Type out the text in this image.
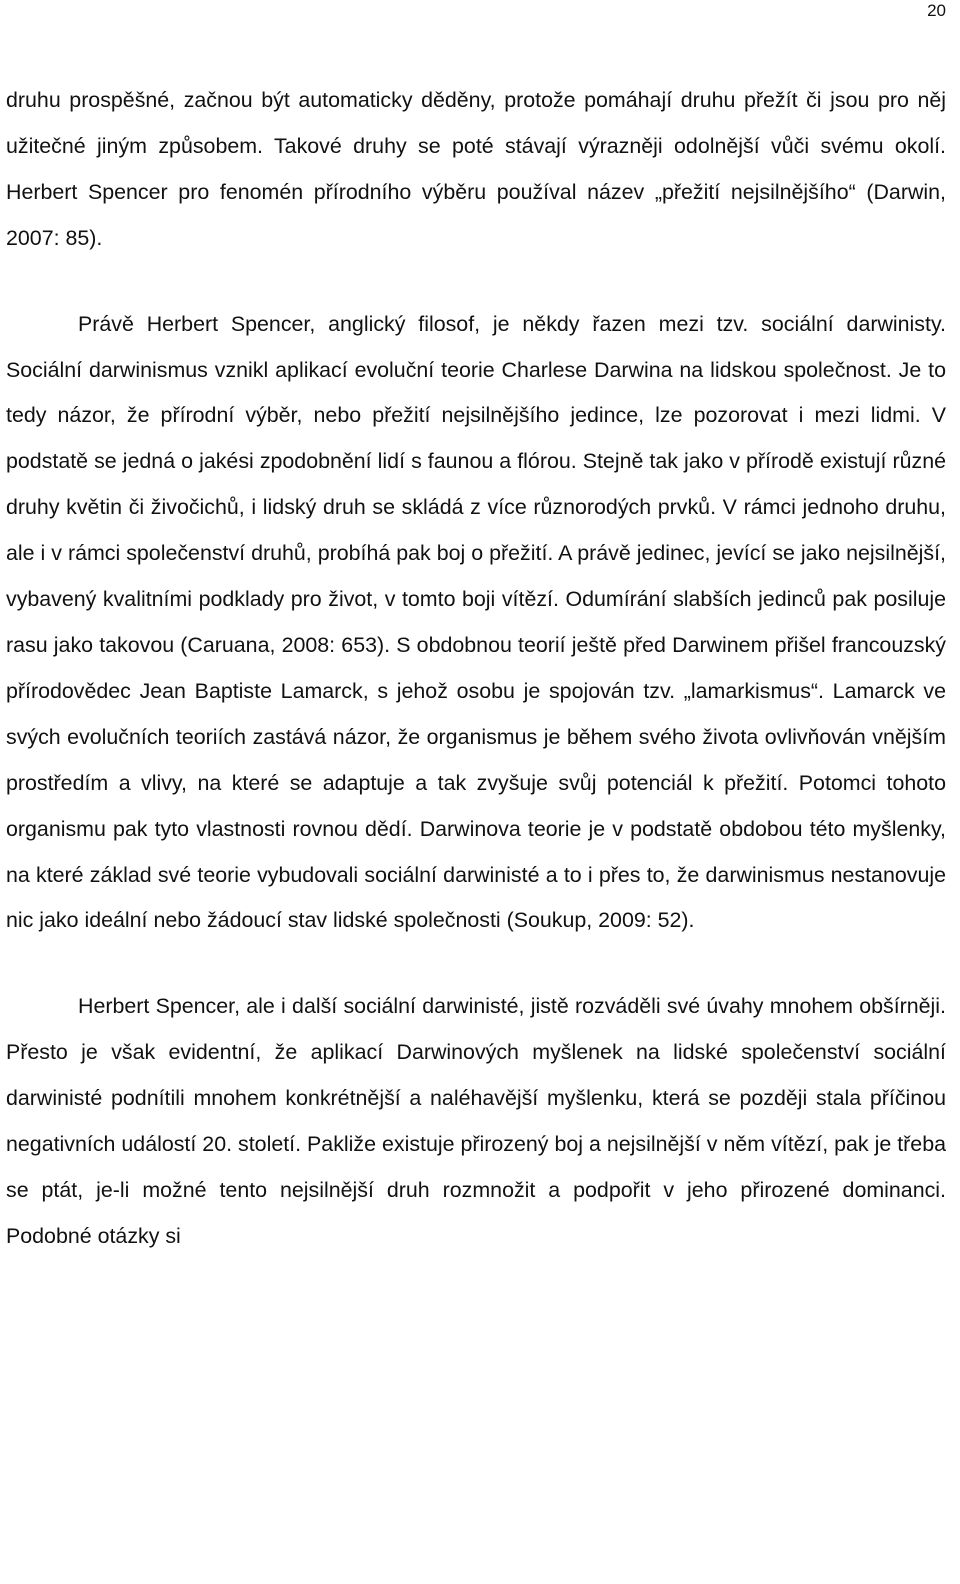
20

druhu prospěšné, začnou být automaticky děděny, protože pomáhají druhu přežít či jsou pro něj užitečné jiným způsobem. Takové druhy se poté stávají výrazněji odolnější vůči svému okolí. Herbert Spencer pro fenomén přírodního výběru používal název „přežití nejsilnějšího“ (Darwin, 2007: 85).

Právě Herbert Spencer, anglický filosof, je někdy řazen mezi tzv. sociální darwinisty. Sociální darwinismus vznikl aplikací evoluční teorie Charlese Darwina na lidskou společnost. Je to tedy názor, že přírodní výběr, nebo přežití nejsilnějšího jedince, lze pozorovat i mezi lidmi. V podstatě se jedná o jakési zpodobnění lidí s faunou a flórou. Stejně tak jako v přírodě existují různé druhy květin či živočichů, i lidský druh se skládá z více různorodých prvků. V rámci jednoho druhu, ale i v rámci společenství druhů, probíhá pak boj o přežití. A právě jedinec, jevící se jako nejsilnější, vybavený kvalitními podklady pro život, v tomto boji vítězí. Odumírání slabších jedinců pak posiluje rasu jako takovou (Caruana, 2008: 653). S obdobnou teorií ještě před Darwinem přišel francouzský přírodovědec Jean Baptiste Lamarck, s jehož osobu je spojován tzv. „lamarkismus“. Lamarck ve svých evolučních teoriích zastává názor, že organismus je během svého života ovlivňován vnějším prostředím a vlivy, na které se adaptuje a tak zvyšuje svůj potenciál k přežití. Potomci tohoto organismu pak tyto vlastnosti rovnou dědí. Darwinova teorie je v podstatě obdobou této myšlenky, na které základ své teorie vybudovali sociální darwinisté a to i přes to, že darwinismus nestanovuje nic jako ideální nebo žádoucí stav lidské společnosti (Soukup, 2009: 52).

Herbert Spencer, ale i další sociální darwinisté, jistě rozváděli své úvahy mnohem obšírněji. Přesto je však evidentní, že aplikací Darwinových myšlenek na lidské společenství sociální darwinisté podnítili mnohem konkrétnější a naléhavější myšlenku, která se později stala příčinou negativních událostí 20. století. Pakliže existuje přirozený boj a nejsilnější v něm vítězí, pak je třeba se ptát, je-li možné tento nejsilnější druh rozmnožit a podpořit v jeho přirozené dominanci. Podobné otázky si
